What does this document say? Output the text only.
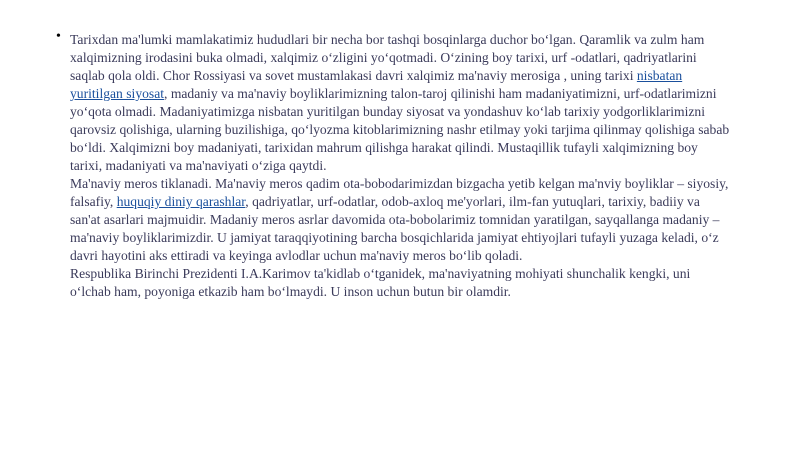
• Tarixdan ma'lumki mamlakatimiz hududlari bir necha bor tashqi bosqinlarga duchor bo‘lgan. Qaramlik va zulm ham xalqimizning irodasini buka olmadi, xalqimiz o‘zligini yo‘qotmadi. O‘zining boy tarixi, urf -odatlari, qadriyatlarini saqlab qola oldi. Chor Rossiyasi va sovet mustamlakasi davri xalqimiz ma'naviy merosiga , uning tarixi nisbatan yuritilgan siyosat, madaniy va ma'naviy boyliklarimizning talon-taroj qilinishi ham madaniyatimizni, urf-odatlarimizni yo‘qota olmadi. Madaniyatimizga nisbatan yuritilgan bunday siyosat va yondashuv ko‘lab tarixiy yodgorliklarimizni qarovsiz qolishiga, ularning buzilishiga, qo‘lyozma kitoblarimizning nashr etilmay yoki tarjima qilinmay qolishiga sabab bo‘ldi. Xalqimizni boy madaniyati, tarixidan mahrum qilishga harakat qilindi. Mustaqillik tufayli xalqimizning boy tarixi, madaniyati va ma'naviyati o‘ziga qaytdi.

Ma'naviy meros tiklanadi. Ma'naviy meros qadim ota-bobodarimizdan bizgacha yetib kelgan ma'nviy boyliklar – siyosiy, falsafiy, huquqiy diniy qarashlar, qadriyatlar, urf-odatlar, odob-axloq me'yorlari, ilm-fan yutuqlari, tarixiy, badiiy va san'at asarlari majmuidir. Madaniy meros asrlar davomida ota-bobolarimiz tomnidan yaratilgan, sayqallanga madaniy –ma'naviy boyliklarimizdir. U jamiyat taraqqiyotining barcha bosqichlarida jamiyat ehtiyojlari tufayli yuzaga keladi, o‘z davri hayotini aks ettiradi va keyinga avlodlar uchun ma'naviy meros bo‘lib qoladi.

Respublika Birinchi Prezidenti I.A.Karimov ta'kidlab o‘tganidek, ma'naviyatning mohiyati shunchalik kengki, uni o‘lchab ham, poyoniga etkazib ham bo‘lmaydi. U inson uchun butun bir olamdir.
